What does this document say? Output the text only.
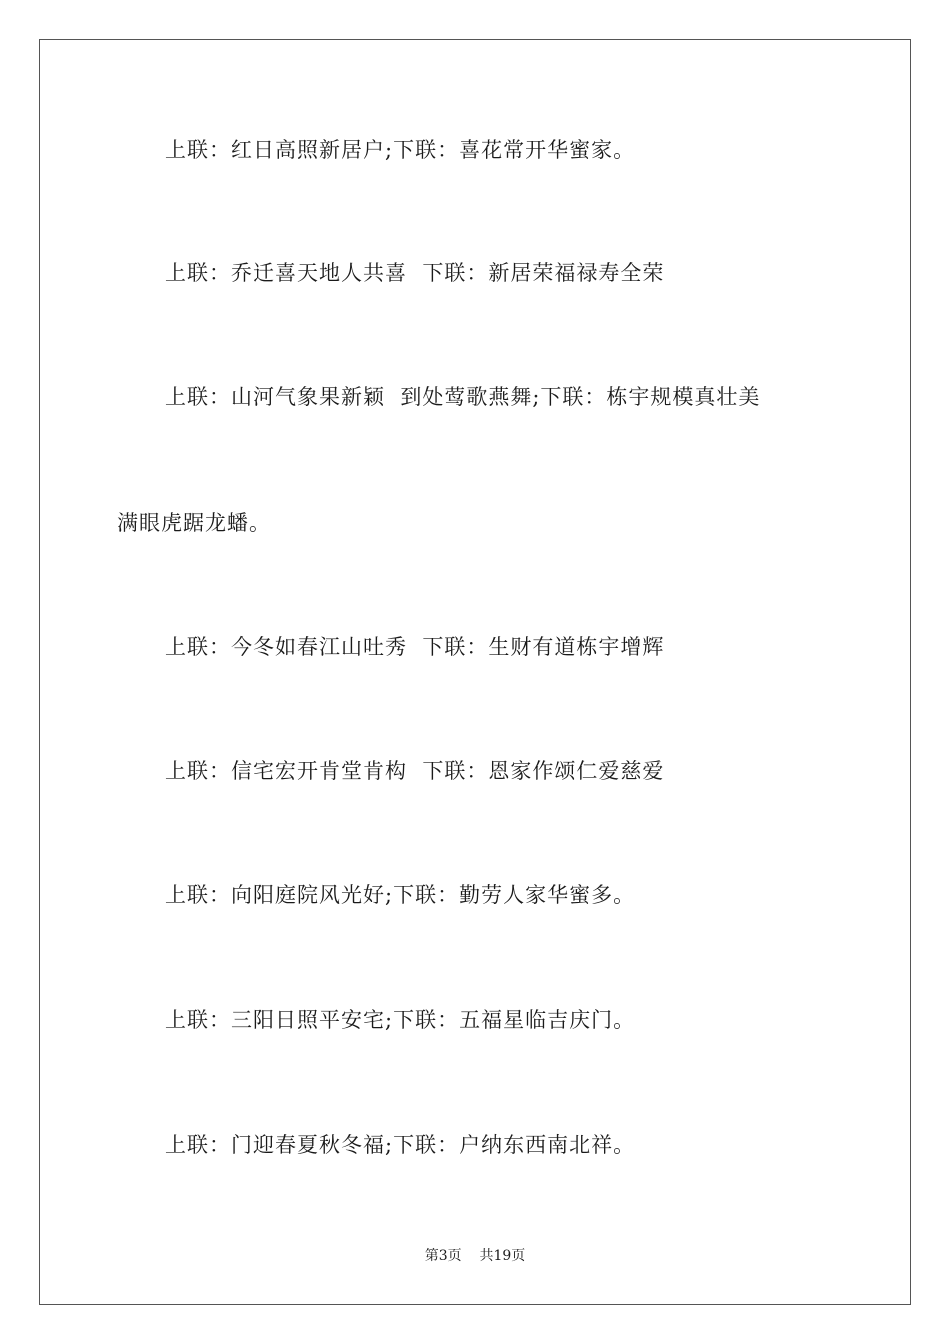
上联：红日高照新居户;下联：喜花常开华蜜家。
上联：乔迁喜天地人共喜  下联：新居荣福禄寿全荣
上联：山河气象果新颖  到处莺歌燕舞;下联：栋宇规模真壮美
满眼虎踞龙蟠。
上联：今冬如春江山吐秀  下联：生财有道栋宇增辉
上联：信宅宏开肯堂肯构  下联：恩家作颂仁爱慈爱
上联：向阳庭院风光好;下联：勤劳人家华蜜多。
上联：三阳日照平安宅;下联：五福星临吉庆门。
上联：门迎春夏秋冬福;下联：户纳东西南北祥。
第3页    共19页
